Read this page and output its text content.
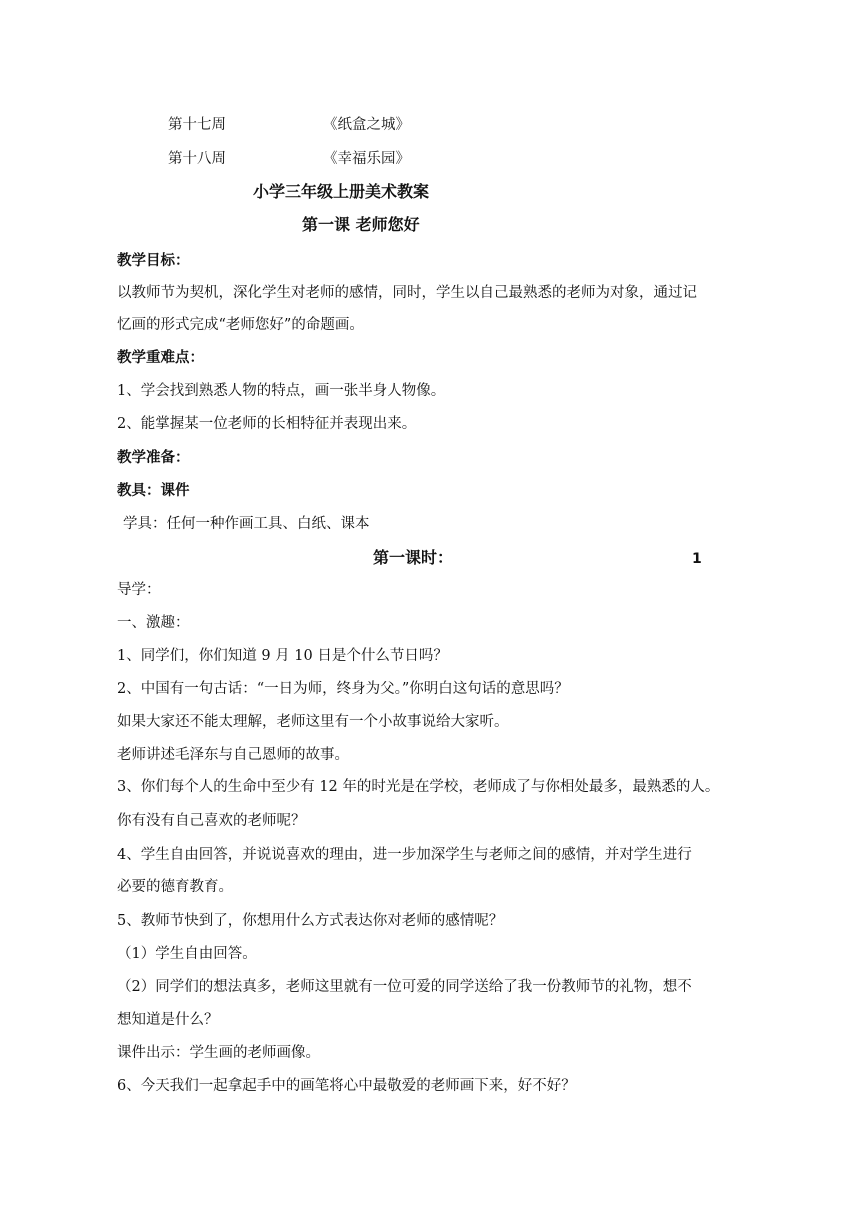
第十七周	《纸盒之城》
第十八周	《幸福乐园》
小学三年级上册美术教案
第一课 老师您好
教学目标：
以教师节为契机，深化学生对老师的感情，同时，学生以自己最熟悉的老师为对象，通过记
忆画的形式完成“老师您好”的命题画。
教学重难点：
1、学会找到熟悉人物的特点，画一张半身人物像。
2、能掌握某一位老师的长相特征并表现出来。
教学准备：
教具：课件
学具：任何一种作画工具、白纸、课本
第一课时：	1
导学：
一、激趣：
1、同学们，你们知道 9 月 10 日是个什么节日吗？
2、中国有一句古话：“一日为师，终身为父。”你明白这句话的意思吗？
如果大家还不能太理解，老师这里有一个小故事说给大家听。
老师讲述毛泽东与自己恩师的故事。
3、你们每个人的生命中至少有 12 年的时光是在学校，老师成了与你相处最多，最熟悉的人。
你有没有自己喜欢的老师呢？
4、学生自由回答，并说说喜欢的理由，进一步加深学生与老师之间的感情，并对学生进行
必要的德育教育。
5、教师节快到了，你想用什么方式表达你对老师的感情呢？
（1）学生自由回答。
（2）同学们的想法真多，老师这里就有一位可爱的同学送给了我一份教师节的礼物，想不
想知道是什么？
课件出示：学生画的老师画像。
6、今天我们一起拿起手中的画笔将心中最敬爱的老师画下来，好不好？
